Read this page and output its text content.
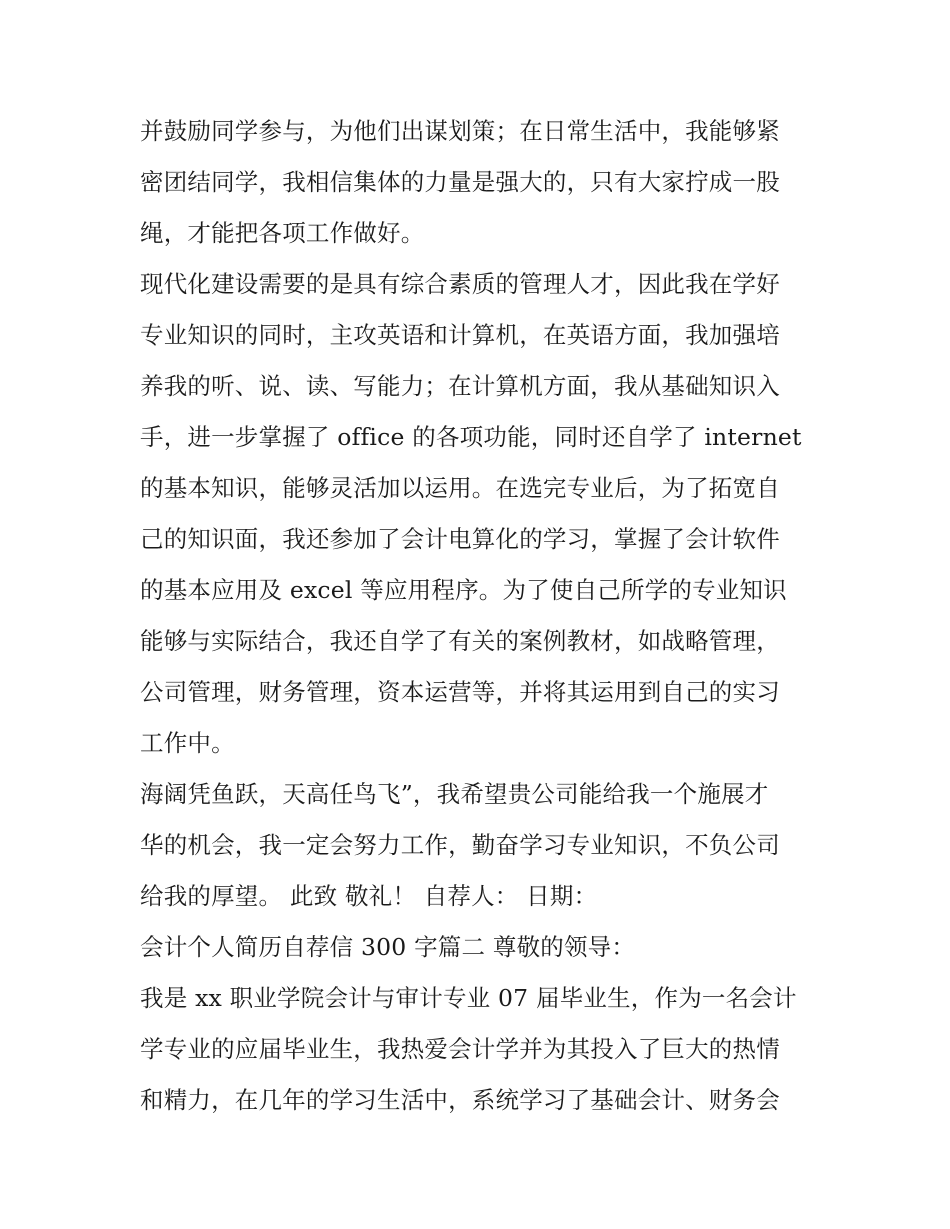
并鼓励同学参与，为他们出谋划策；在日常生活中，我能够紧
密团结同学，我相信集体的力量是强大的，只有大家拧成一股
绳，才能把各项工作做好。
现代化建设需要的是具有综合素质的管理人才，因此我在学好
专业知识的同时，主攻英语和计算机，在英语方面，我加强培
养我的听、说、读、写能力；在计算机方面，我从基础知识入
手，进一步掌握了 office 的各项功能，同时还自学了 internet
的基本知识，能够灵活加以运用。在选完专业后，为了拓宽自
己的知识面，我还参加了会计电算化的学习，掌握了会计软件
的基本应用及 excel 等应用程序。为了使自己所学的专业知识
能够与实际结合，我还自学了有关的案例教材，如战略管理，
公司管理，财务管理，资本运营等，并将其运用到自己的实习
工作中。
海阔凭鱼跃，天高任鸟飞”，我希望贵公司能给我一个施展才
华的机会，我一定会努力工作，勤奋学习专业知识，不负公司
给我的厚望。 此致 敬礼！ 自荐人： 日期：
会计个人简历自荐信 300 字篇二 尊敬的领导：
我是 xx 职业学院会计与审计专业 07 届毕业生，作为一名会计
学专业的应届毕业生，我热爱会计学并为其投入了巨大的热情
和精力，在几年的学习生活中，系统学习了基础会计、财务会
